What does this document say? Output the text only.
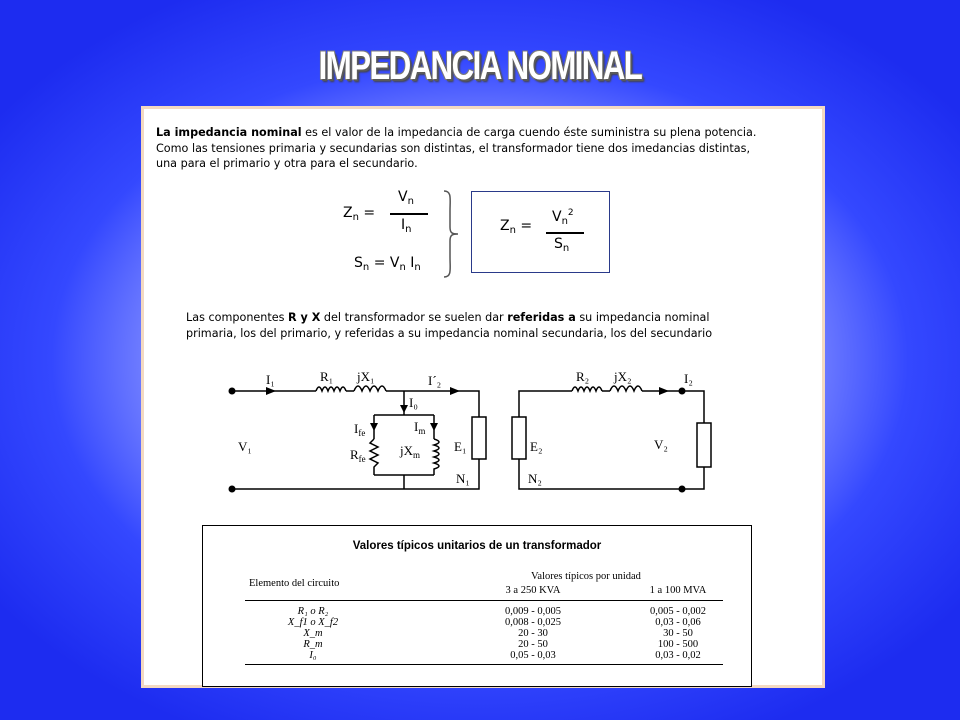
IMPEDANCIA NOMINAL
La impedancia nominal es el valor de la impedancia de carga cuendo éste suministra su plena potencia.
Como las tensiones primaria y secundarias son distintas, el transformador tiene dos imedancias distintas,
una para el primario y otra para el secundario.
$Z_n$ =
$V_n$
$I_n$
$S_n = V_n$ $I_n$
$Z_n$ =
$V_n^2$
$S_n$
Las componentes R y X del transformador se suelen dar referidas a su impedancia nominal
primaria, los del primario, y referidas a su impedancia nominal secundaria, los del secundario
I₁	R₁ jX₁	I´₂
I₀
$I_{fe}$	$I_m$
$R_{fe}$
$jX_m$
V₁	E₁
N₁
E₂
N₂
R₂ jX₂	I₂
V₂
Valores típicos unitarios de un transformador
Valores típicos por unidad
Elemento del circuito
3 a 250 KVA	1 a 100 MVA
R₁ o R₂	0,009 - 0,005	0,005 - 0,002
X_f1 o X_f2	0,008 - 0,025	0,03 - 0,06
X_m	20 - 30	30 - 50
R_m	20 - 50	100 - 500
I₀	0,05 - 0,03	0,03 - 0,02
